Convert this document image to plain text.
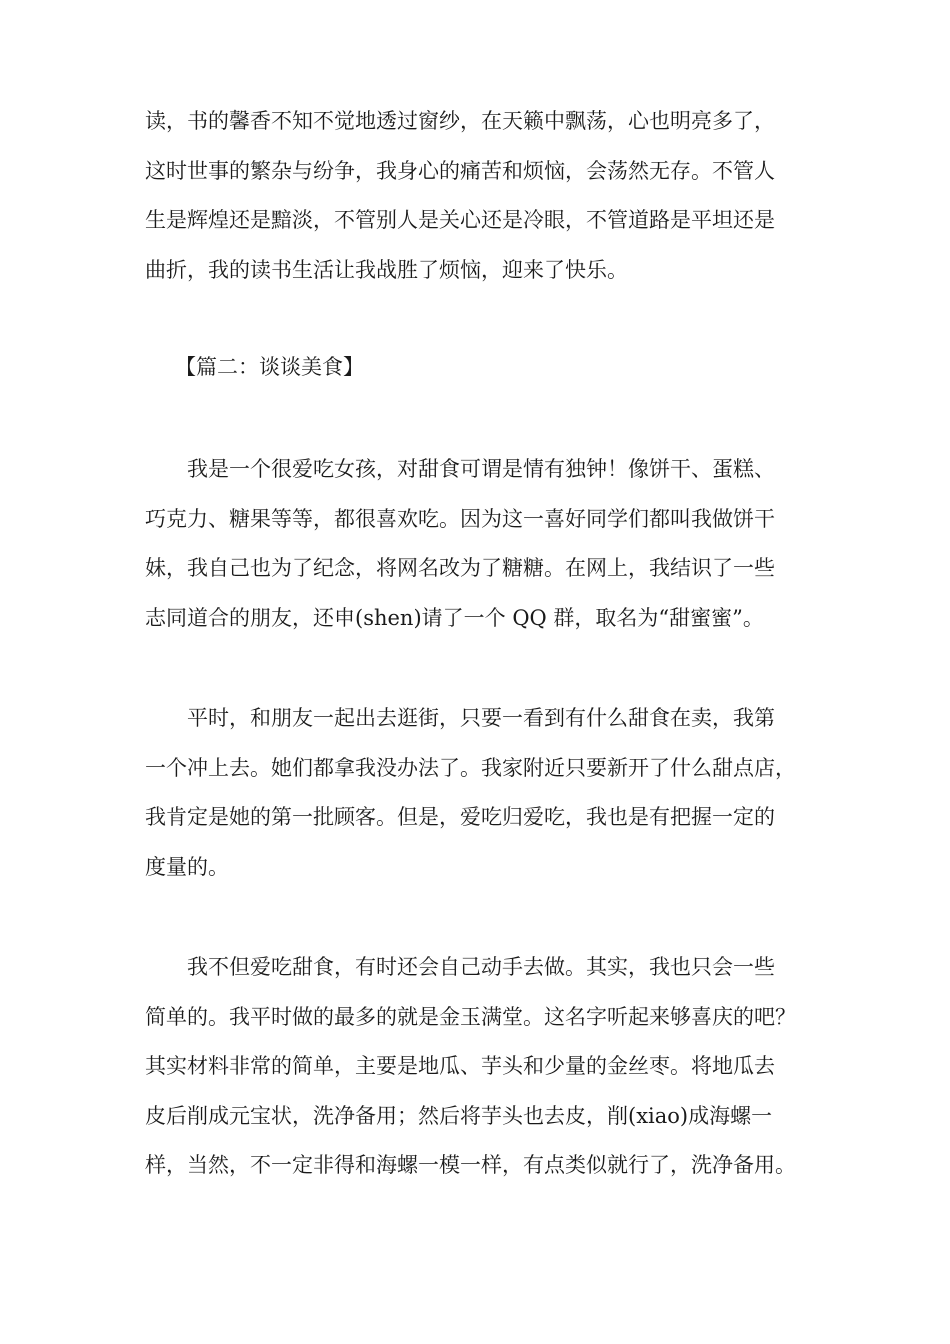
读，书的馨香不知不觉地透过窗纱，在天籁中飘荡，心也明亮多了，
这时世事的繁杂与纷争，我身心的痛苦和烦恼，会荡然无存。不管人
生是辉煌还是黯淡，不管别人是关心还是冷眼，不管道路是平坦还是
曲折，我的读书生活让我战胜了烦恼，迎来了快乐。
【篇二：谈谈美食】
　　我是一个很爱吃女孩，对甜食可谓是情有独钟！像饼干、蛋糕、
巧克力、糖果等等，都很喜欢吃。因为这一喜好同学们都叫我做饼干
妹，我自己也为了纪念，将网名改为了糖糖。在网上，我结识了一些
志同道合的朋友，还申(shen)请了一个 QQ 群，取名为“甜蜜蜜”。
　　平时，和朋友一起出去逛街，只要一看到有什么甜食在卖，我第
一个冲上去。她们都拿我没办法了。我家附近只要新开了什么甜点店，
我肯定是她的第一批顾客。但是，爱吃归爱吃，我也是有把握一定的
度量的。
　　我不但爱吃甜食，有时还会自己动手去做。其实，我也只会一些
简单的。我平时做的最多的就是金玉满堂。这名字听起来够喜庆的吧？
其实材料非常的简单，主要是地瓜、芋头和少量的金丝枣。将地瓜去
皮后削成元宝状，洗净备用；然后将芋头也去皮，削(xiao)成海螺一
样，当然，不一定非得和海螺一模一样，有点类似就行了，洗净备用。
